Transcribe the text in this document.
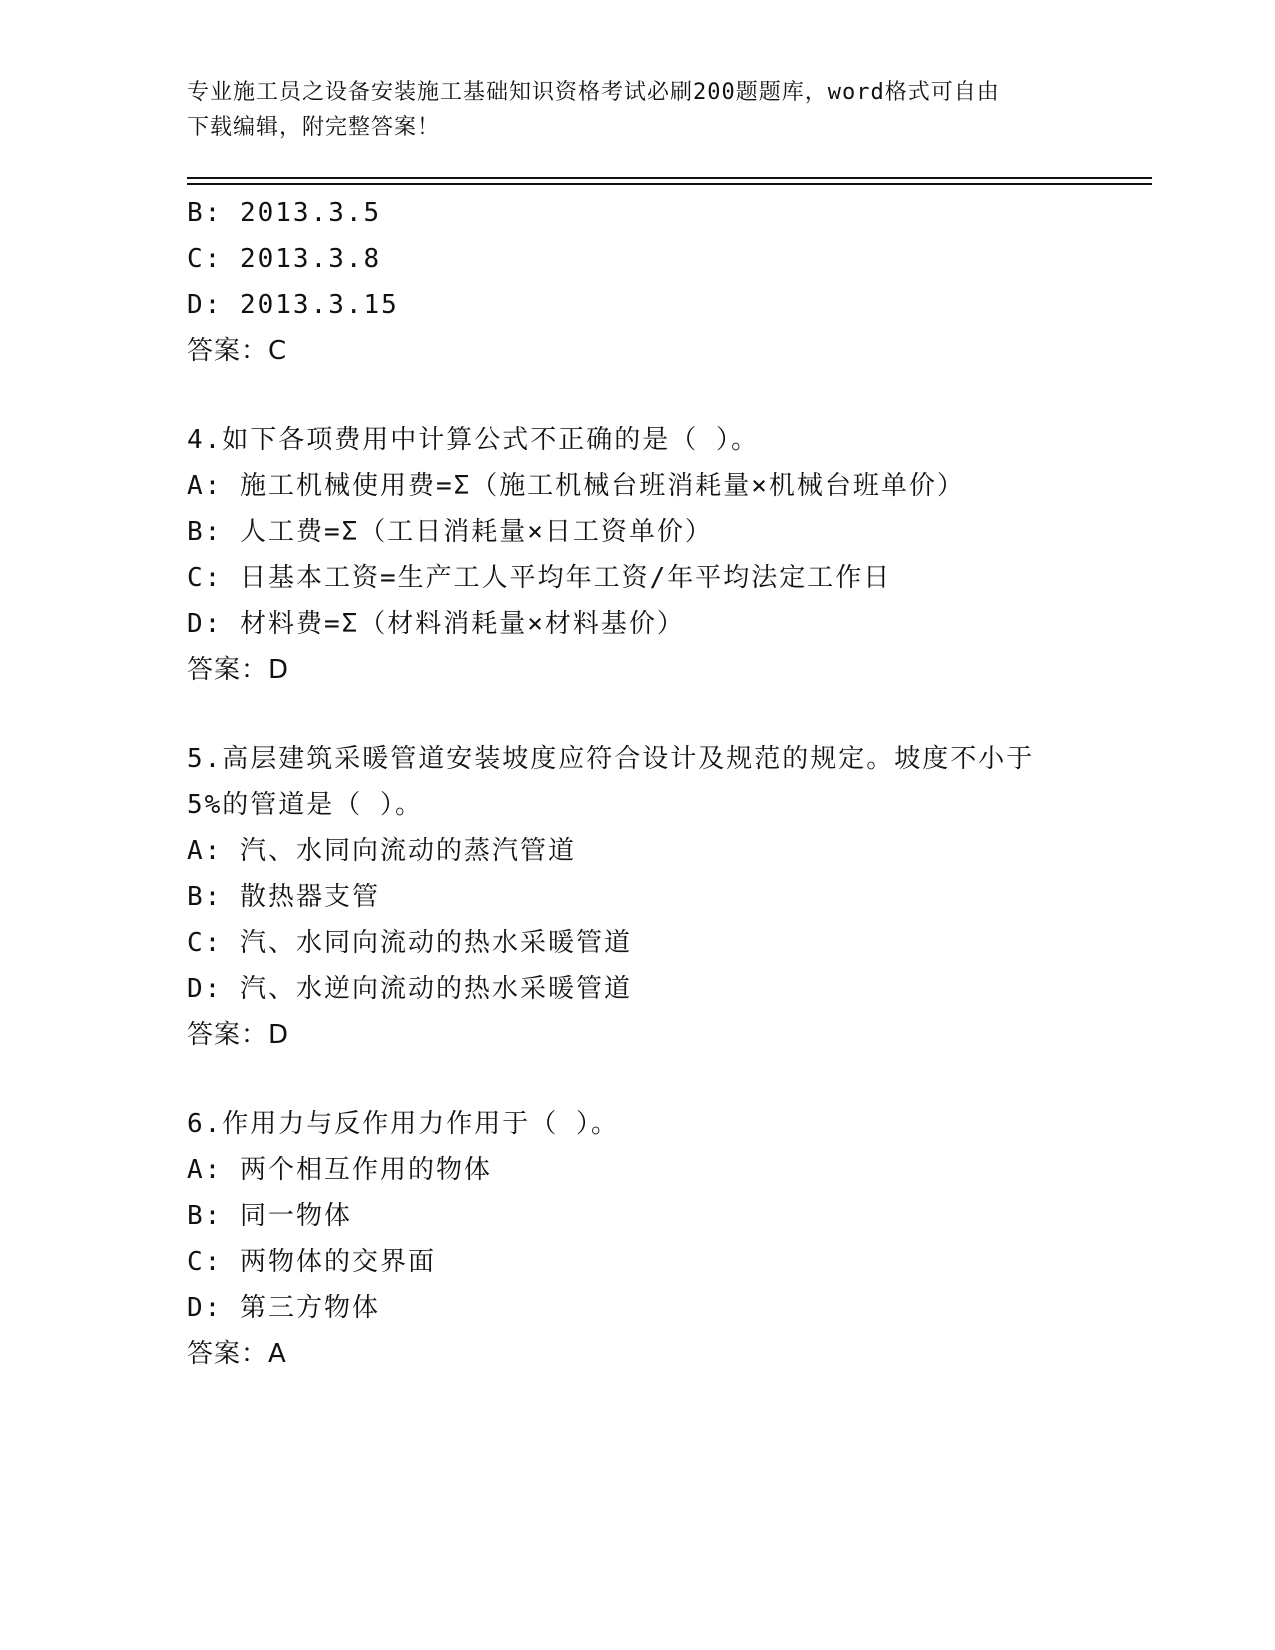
专业施工员之设备安装施工基础知识资格考试必刷200题题库，word格式可自由
下载编辑，附完整答案！
B: 2013.3.5
C: 2013.3.8
D: 2013.3.15
答案：C
4.如下各项费用中计算公式不正确的是（ ）。
A: 施工机械使用费=Σ（施工机械台班消耗量×机械台班单价）
B: 人工费=Σ（工日消耗量×日工资单价）
C: 日基本工资=生产工人平均年工资/年平均法定工作日
D: 材料费=Σ（材料消耗量×材料基价）
答案：D
5.高层建筑采暖管道安装坡度应符合设计及规范的规定。坡度不小于5%的管道是（ ）。
A: 汽、水同向流动的蒸汽管道
B: 散热器支管
C: 汽、水同向流动的热水采暖管道
D: 汽、水逆向流动的热水采暖管道
答案：D
6.作用力与反作用力作用于（ ）。
A: 两个相互作用的物体
B: 同一物体
C: 两物体的交界面
D: 第三方物体
答案：A
